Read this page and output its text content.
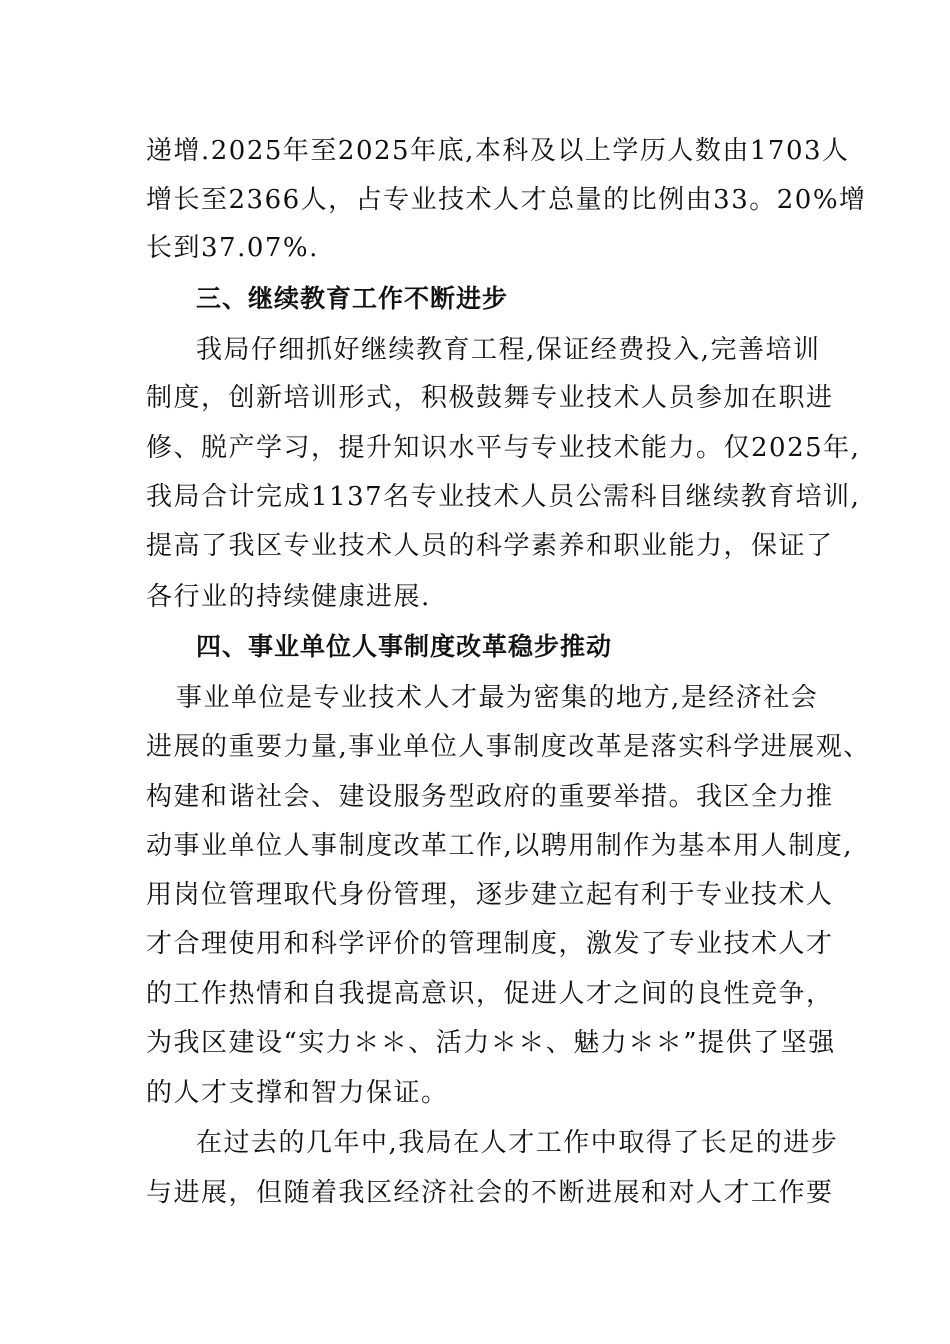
递增.2025年至2025年底,本科及以上学历人数由1703人
增长至2366人，占专业技术人才总量的比例由33。20%增
长到37.07%.
三、继续教育工作不断进步
我局仔细抓好继续教育工程,保证经费投入,完善培训
制度，创新培训形式，积极鼓舞专业技术人员参加在职进
修、脱产学习，提升知识水平与专业技术能力。仅2025年,
我局合计完成1137名专业技术人员公需科目继续教育培训,
提高了我区专业技术人员的科学素养和职业能力，保证了
各行业的持续健康进展.
四、事业单位人事制度改革稳步推动
事业单位是专业技术人才最为密集的地方,是经济社会
进展的重要力量,事业单位人事制度改革是落实科学进展观、
构建和谐社会、建设服务型政府的重要举措。我区全力推
动事业单位人事制度改革工作,以聘用制作为基本用人制度,
用岗位管理取代身份管理，逐步建立起有利于专业技术人
才合理使用和科学评价的管理制度，激发了专业技术人才
的工作热情和自我提高意识，促进人才之间的良性竞争，
为我区建设“实力＊＊、活力＊＊、魅力＊＊”提供了坚强
的人才支撑和智力保证。
在过去的几年中,我局在人才工作中取得了长足的进步
与进展，但随着我区经济社会的不断进展和对人才工作要
